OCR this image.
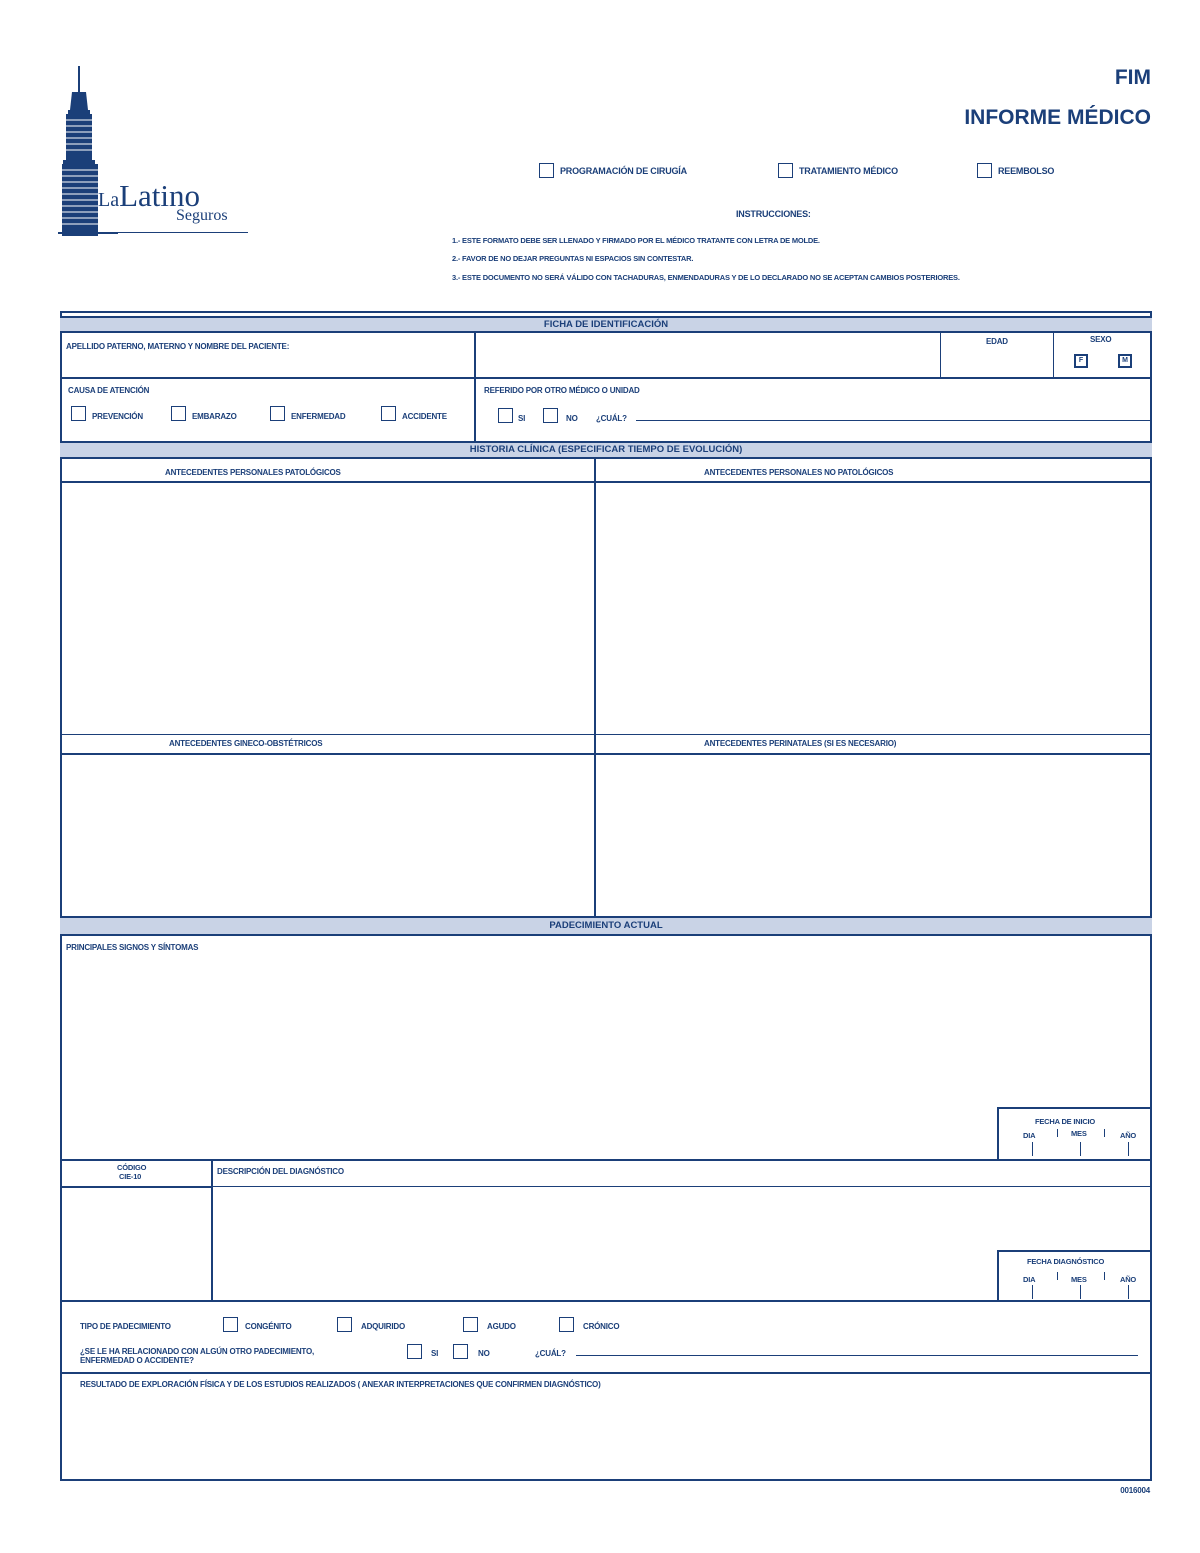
LaLatino
Seguros
FIM
INFORME MÉDICO
PROGRAMACIÓN DE CIRUGÍA	TRATAMIENTO MÉDICO	REEMBOLSO
INSTRUCCIONES:
1.- ESTE FORMATO DEBE SER LLENADO Y FIRMADO POR EL MÉDICO TRATANTE CON LETRA DE MOLDE.
2.- FAVOR DE NO DEJAR PREGUNTAS NI ESPACIOS SIN CONTESTAR.
3.- ESTE DOCUMENTO NO SERÁ VÁLIDO CON TACHADURAS, ENMENDADURAS Y DE LO DECLARADO NO SE ACEPTAN CAMBIOS POSTERIORES.
FICHA DE IDENTIFICACIÓN
APELLIDO PATERNO, MATERNO Y NOMBRE DEL PACIENTE:
EDAD	SEXO
F	M
CAUSA DE ATENCIÓN
PREVENCIÓN	EMBARAZO	ENFERMEDAD	ACCIDENTE
REFERIDO POR OTRO MÉDICO O UNIDAD
SI	NO ¿CUÁL?
HISTORIA CLÍNICA (ESPECIFICAR TIEMPO DE EVOLUCIÓN)
ANTECEDENTES PERSONALES PATOLÓGICOS	ANTECEDENTES PERSONALES NO PATOLÓGICOS
ANTECEDENTES GINECO-OBSTÉTRICOS	ANTECEDENTES PERINATALES (SI ES NECESARIO)
PADECIMIENTO ACTUAL
PRINCIPALES SIGNOS Y SÍNTOMAS
FECHA DE INICIO
DIA	MES	AÑO
CÓDIGO
CIE-10
DESCRIPCIÓN DEL DIAGNÓSTICO
FECHA DIAGNÓSTICO
DIA	MES	AÑO
TIPO DE PADECIMIENTO	CONGÉNITO	ADQUIRIDO	AGUDO	CRÓNICO
¿SE LE HA RELACIONADO CON ALGÚN OTRO PADECIMIENTO,
ENFERMEDAD O ACCIDENTE?
SI	NO	¿CUÁL?
RESULTADO DE EXPLORACIÓN FÍSICA Y DE LOS ESTUDIOS REALIZADOS ( ANEXAR INTERPRETACIONES QUE CONFIRMEN DIAGNÓSTICO)
0016004
